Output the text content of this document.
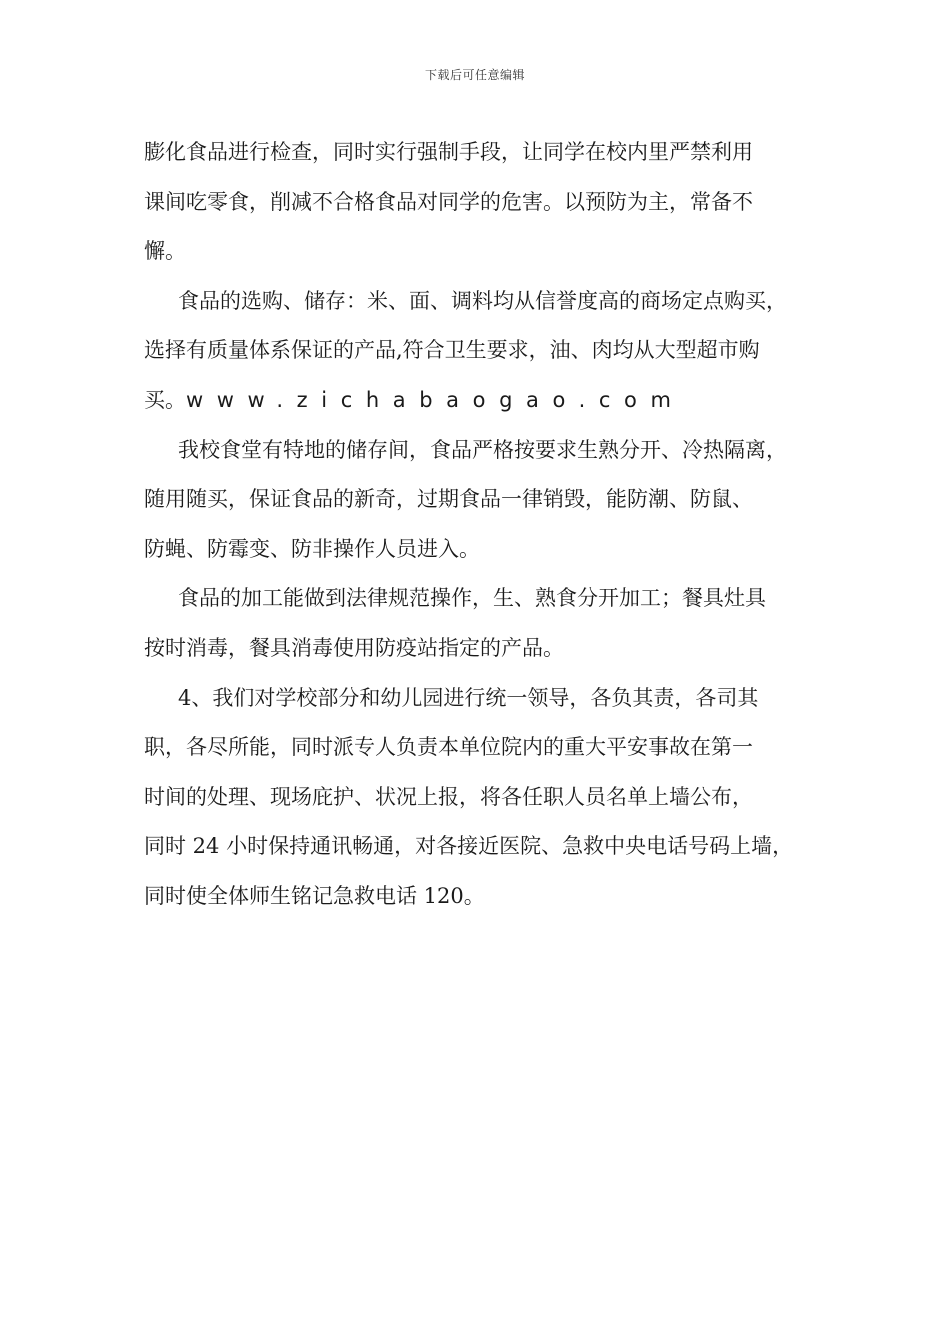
下载后可任意编辑

膨化食品进行检查，同时实行强制手段，让同学在校内里严禁利用
课间吃零食，削减不合格食品对同学的危害。以预防为主，常备不
懈。

食品的选购、储存：米、面、调料均从信誉度高的商场定点购买，
选择有质量体系保证的产品,符合卫生要求，油、肉均从大型超市购
买。www.zichabaogao.com

我校食堂有特地的储存间，食品严格按要求生熟分开、冷热隔离，
随用随买，保证食品的新奇，过期食品一律销毁，能防潮、防鼠、
防蝇、防霉变、防非操作人员进入。

食品的加工能做到法律规范操作，生、熟食分开加工；餐具灶具
按时消毒，餐具消毒使用防疫站指定的产品。

4、我们对学校部分和幼儿园进行统一领导，各负其责，各司其
职，各尽所能，同时派专人负责本单位院内的重大平安事故在第一
时间的处理、现场庇护、状况上报，将各任职人员名单上墙公布，
同时 24 小时保持通讯畅通，对各接近医院、急救中央电话号码上墙，
同时使全体师生铭记急救电话 120。
